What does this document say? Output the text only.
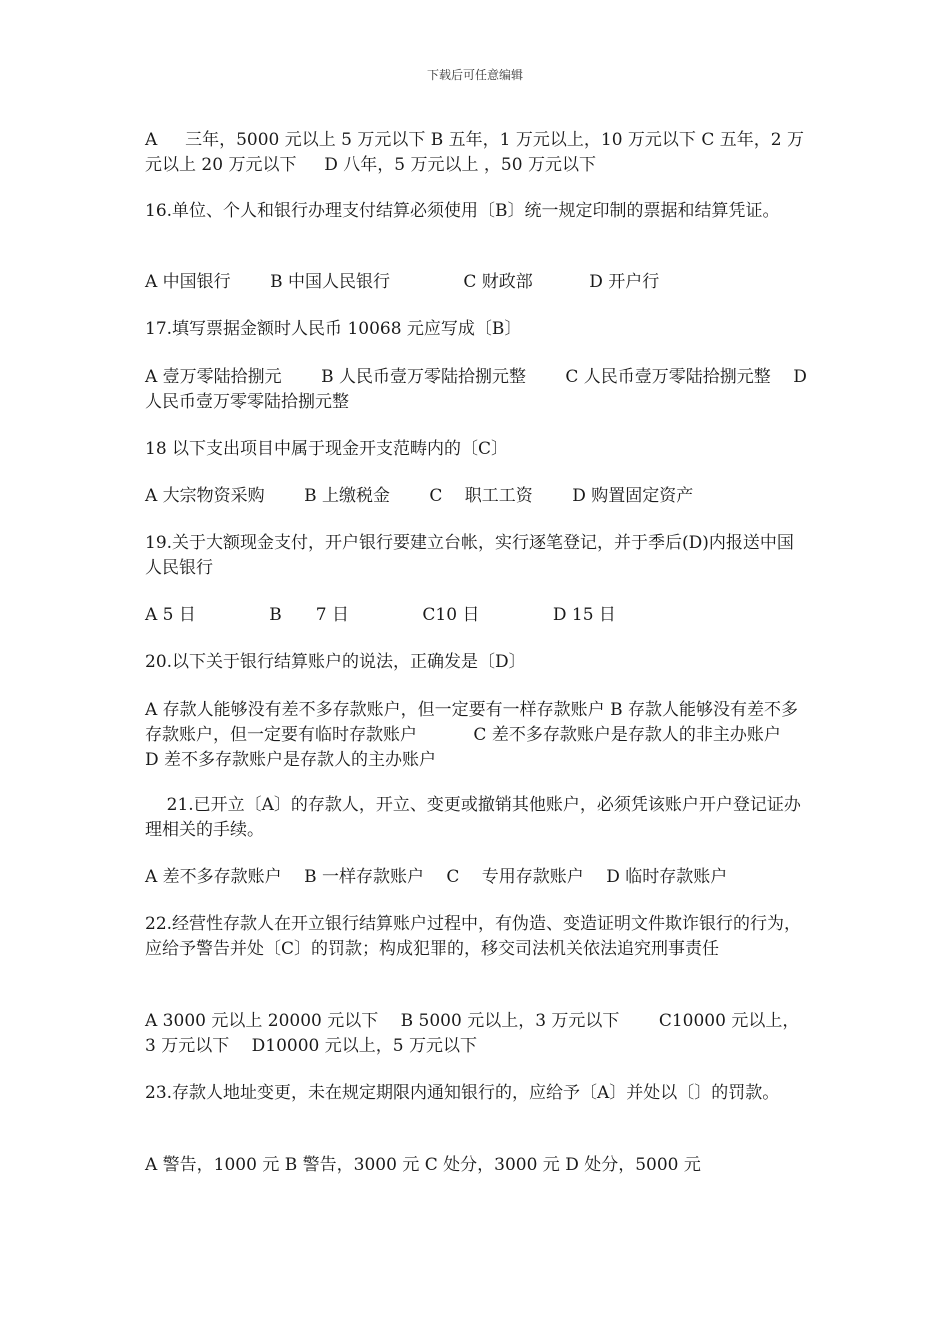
下载后可任意编辑

A　  三年，5000 元以上 5 万元以下 B 五年，1 万元以上，10 万元以下 C 五年，2 万元以上 20 万元以下　  D 八年，5 万元以上 ，50 万元以下

16.单位、个人和银行办理支付结算必须使用〔B〕统一规定印制的票据和结算凭证。

A 中国银行　　 B 中国人民银行　　　　 C 财政部　　　 D 开户行

17.填写票据金额时人民币 10068 元应写成〔B〕

A 壹万零陆拾捌元　　 B 人民币壹万零陆拾捌元整　　 C 人民币壹万零陆拾捌元整　 D　　　人民币壹万零零陆拾捌元整

18 以下支出项目中属于现金开支范畴内的〔C〕

A 大宗物资采购　　 B 上缴税金　　 C　 职工工资　　 D 购置固定资产

19.关于大额现金支付，开户银行要建立台帐，实行逐笔登记，并于季后(D)内报送中国人民银行

A 5 日　　　　 B　　7 日　　　　 C10 日　　　　 D 15 日

20.以下关于银行结算账户的说法，正确发是〔D〕

A 存款人能够没有差不多存款账户，但一定要有一样存款账户 B 存款人能够没有差不多存款账户，但一定要有临时存款账户　　　 C 差不多存款账户是存款人的非主办账户　　 D 差不多存款账户是存款人的主办账户

21.已开立〔A〕的存款人，开立、变更或撤销其他账户，必须凭该账户开户登记证办理相关的手续。

A 差不多存款账户　 B 一样存款账户　 C　 专用存款账户　 D 临时存款账户

22.经营性存款人在开立银行结算账户过程中，有伪造、变造证明文件欺诈银行的行为，应给予警告并处〔C〕的罚款；构成犯罪的，移交司法机关依法追究刑事责任

A 3000 元以上 20000 元以下　 B 5000 元以上，3 万元以下　　 C10000 元以上，3 万元以下　 D10000 元以上，5 万元以下

23.存款人地址变更，未在规定期限内通知银行的，应给予〔A〕并处以〔〕的罚款。

A 警告，1000 元 B 警告，3000 元 C 处分，3000 元 D 处分，5000 元
